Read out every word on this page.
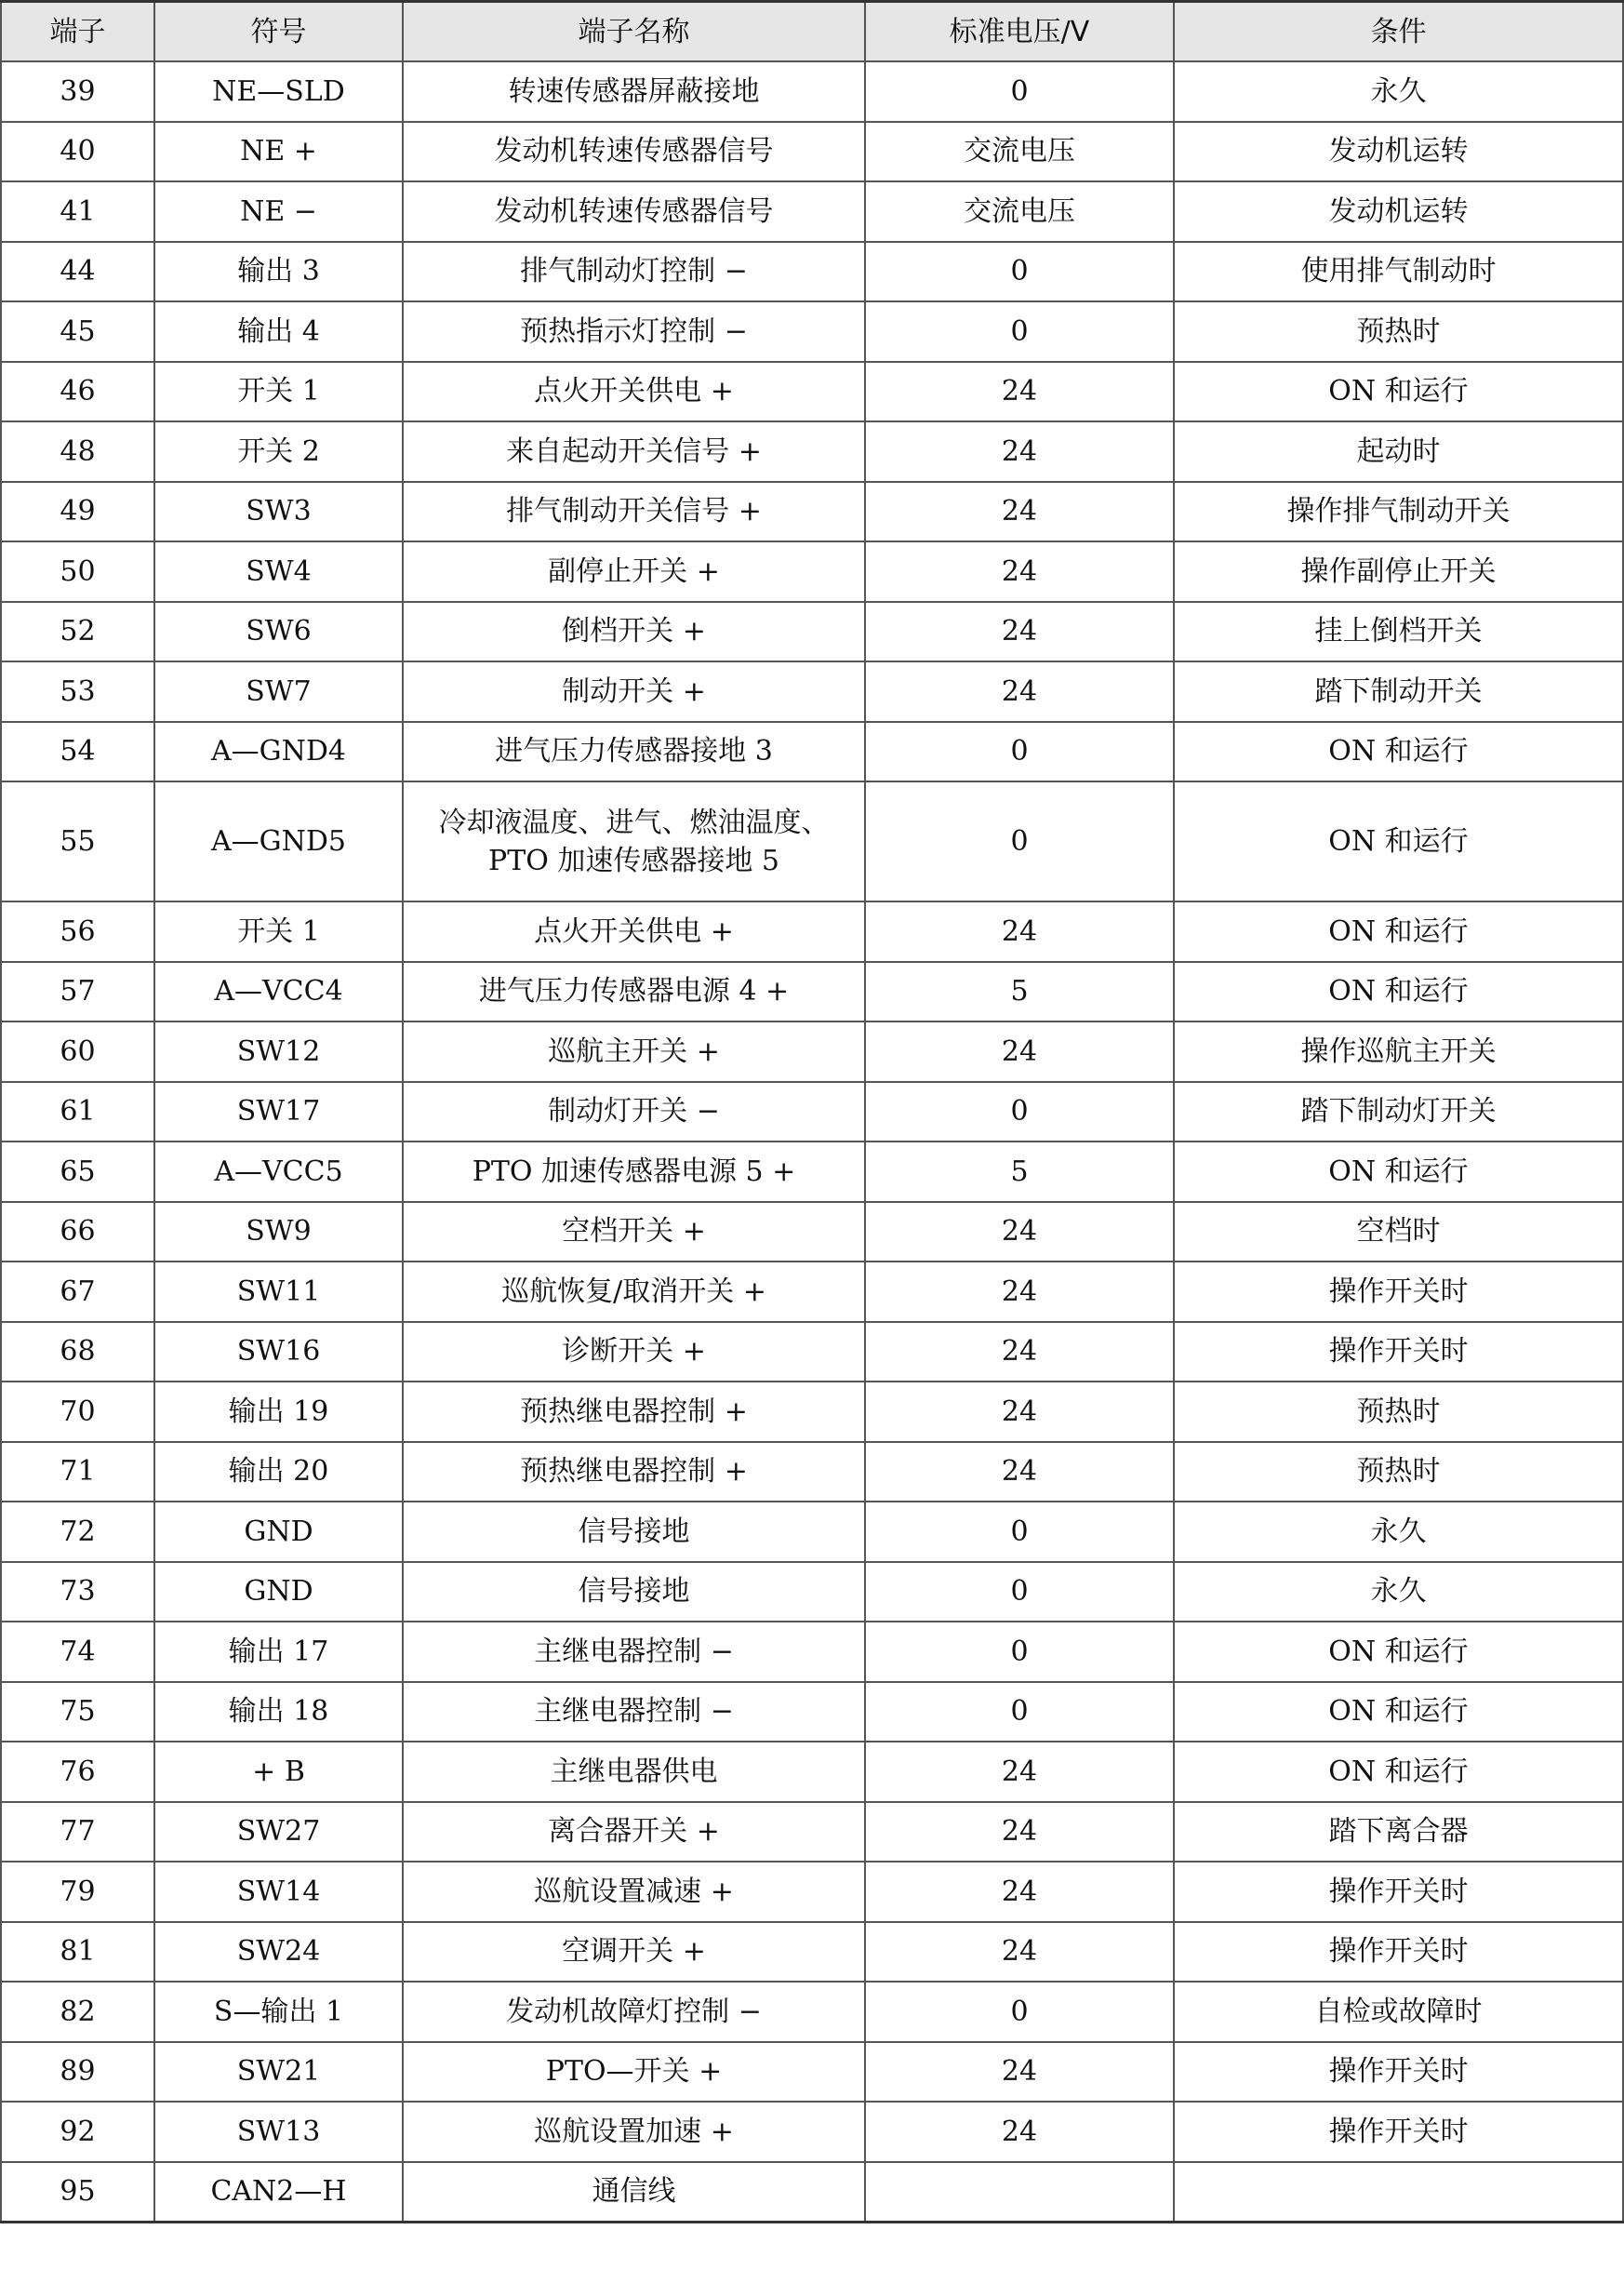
端子	符号	端子名称	标准电压/V	条件
39	NE—SLD	转速传感器屏蔽接地	0	永久
40	NE +	发动机转速传感器信号	交流电压	发动机运转
41	NE −	发动机转速传感器信号	交流电压	发动机运转
44	输出 3	排气制动灯控制 −	0	使用排气制动时
45	输出 4	预热指示灯控制 −	0	预热时
46	开关 1	点火开关供电 +	24	ON 和运行
48	开关 2	来自起动开关信号 +	24	起动时
49	SW3	排气制动开关信号 +	24	操作排气制动开关
50	SW4	副停止开关 +	24	操作副停止开关
52	SW6	倒档开关 +	24	挂上倒档开关
53	SW7	制动开关 +	24	踏下制动开关
54	A—GND4	进气压力传感器接地 3	0	ON 和运行
55	A—GND5	冷却液温度、进气、燃油温度、PTO 加速传感器接地 5	0	ON 和运行
56	开关 1	点火开关供电 +	24	ON 和运行
57	A—VCC4	进气压力传感器电源 4 +	5	ON 和运行
60	SW12	巡航主开关 +	24	操作巡航主开关
61	SW17	制动灯开关 −	0	踏下制动灯开关
65	A—VCC5	PTO 加速传感器电源 5 +	5	ON 和运行
66	SW9	空档开关 +	24	空档时
67	SW11	巡航恢复/取消开关 +	24	操作开关时
68	SW16	诊断开关 +	24	操作开关时
70	输出 19	预热继电器控制 +	24	预热时
71	输出 20	预热继电器控制 +	24	预热时
72	GND	信号接地	0	永久
73	GND	信号接地	0	永久
74	输出 17	主继电器控制 −	0	ON 和运行
75	输出 18	主继电器控制 −	0	ON 和运行
76	+ B	主继电器供电	24	ON 和运行
77	SW27	离合器开关 +	24	踏下离合器
79	SW14	巡航设置减速 +	24	操作开关时
81	SW24	空调开关 +	24	操作开关时
82	S—输出 1	发动机故障灯控制 −	0	自检或故障时
89	SW21	PTO—开关 +	24	操作开关时
92	SW13	巡航设置加速 +	24	操作开关时
95	CAN2—H	通信线		
